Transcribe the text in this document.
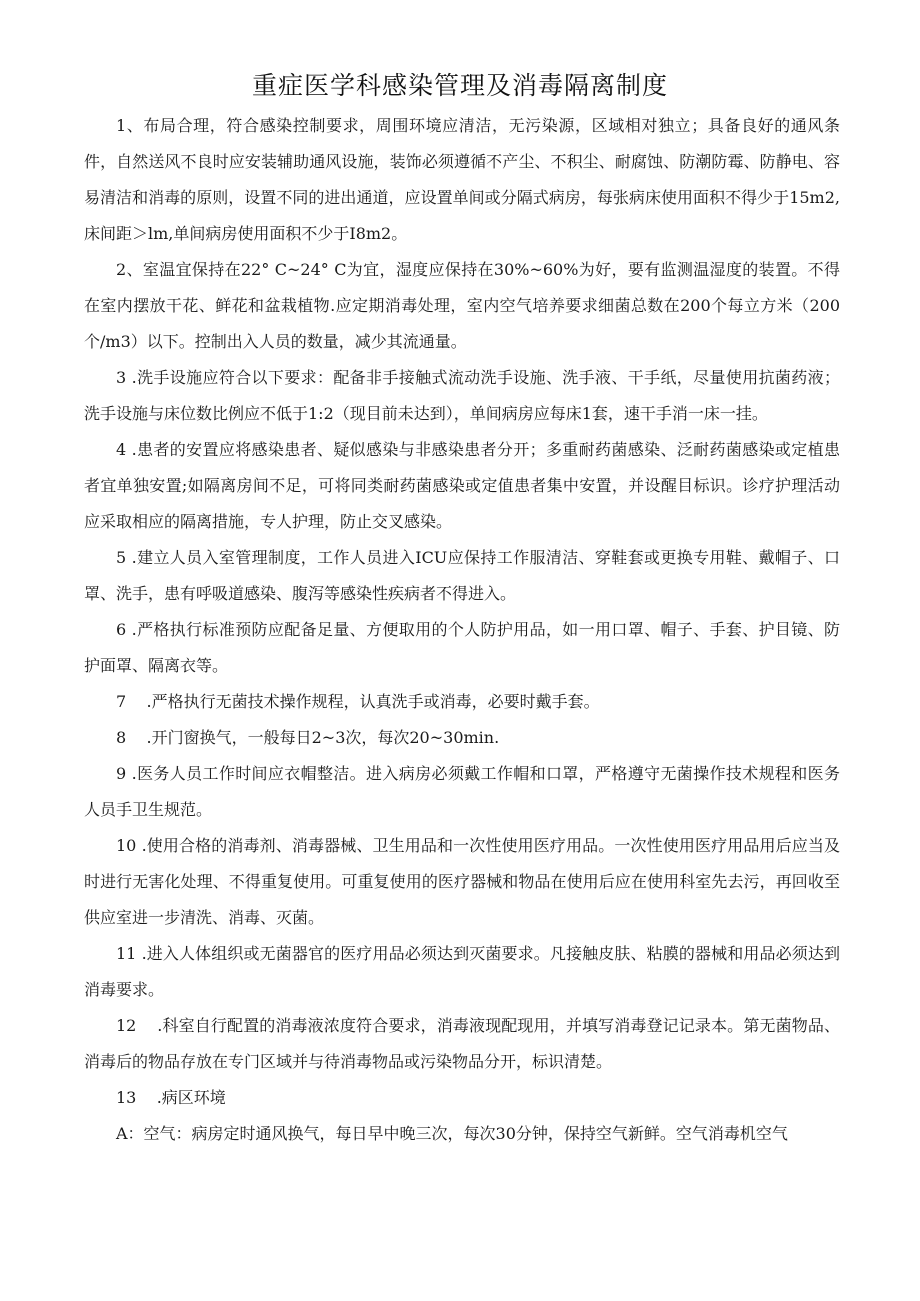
重症医学科感染管理及消毒隔离制度

1、布局合理，符合感染控制要求，周围环境应清洁，无污染源，区域相对独立；具备良好的通风条件，自然送风不良时应安装辅助通风设施，装饰必须遵循不产尘、不积尘、耐腐蚀、防潮防霉、防静电、容易清洁和消毒的原则，设置不同的进出通道，应设置单间或分隔式病房，每张病床使用面积不得少于15m2,床间距＞lm,单间病房使用面积不少于I8m2。

2、室温宜保持在22° C~24° C为宜，湿度应保持在30%~60%为好，要有监测温湿度的装置。不得在室内摆放干花、鲜花和盆栽植物.应定期消毒处理，室内空气培养要求细菌总数在200个每立方米（200个/m3）以下。控制出入人员的数量，减少其流通量。

3 .洗手设施应符合以下要求：配备非手接触式流动洗手设施、洗手液、干手纸，尽量使用抗菌药液；洗手设施与床位数比例应不低于1:2（现目前未达到），单间病房应每床1套，速干手消一床一挂。

4 .患者的安置应将感染患者、疑似感染与非感染患者分开；多重耐药菌感染、泛耐药菌感染或定植患者宜单独安置;如隔离房间不足，可将同类耐药菌感染或定值患者集中安置，并设醒目标识。诊疗护理活动应采取相应的隔离措施，专人护理，防止交叉感染。

5 .建立人员入室管理制度，工作人员进入ICU应保持工作服清洁、穿鞋套或更换专用鞋、戴帽子、口罩、洗手，患有呼吸道感染、腹泻等感染性疾病者不得进入。

6 .严格执行标准预防应配备足量、方便取用的个人防护用品，如一用口罩、帽子、手套、护目镜、防护面罩、隔离衣等。

7    .严格执行无菌技术操作规程，认真洗手或消毒，必要时戴手套。

8    .开门窗换气，一般每日2~3次，每次20~30min.

9 .医务人员工作时间应衣帽整洁。进入病房必须戴工作帽和口罩，严格遵守无菌操作技术规程和医务人员手卫生规范。

10 .使用合格的消毒剂、消毒器械、卫生用品和一次性使用医疗用品。一次性使用医疗用品用后应当及时进行无害化处理、不得重复使用。可重复使用的医疗器械和物品在使用后应在使用科室先去污，再回收至供应室进一步清洗、消毒、灭菌。

11 .进入人体组织或无菌器官的医疗用品必须达到灭菌要求。凡接触皮肤、粘膜的器械和用品必须达到消毒要求。

12    .科室自行配置的消毒液浓度符合要求，消毒液现配现用，并填写消毒登记记录本。第无菌物品、消毒后的物品存放在专门区域并与待消毒物品或污染物品分开，标识清楚。

13    .病区环境

A：空气：病房定时通风换气，每日早中晚三次，每次30分钟，保持空气新鲜。空气消毒机空气
